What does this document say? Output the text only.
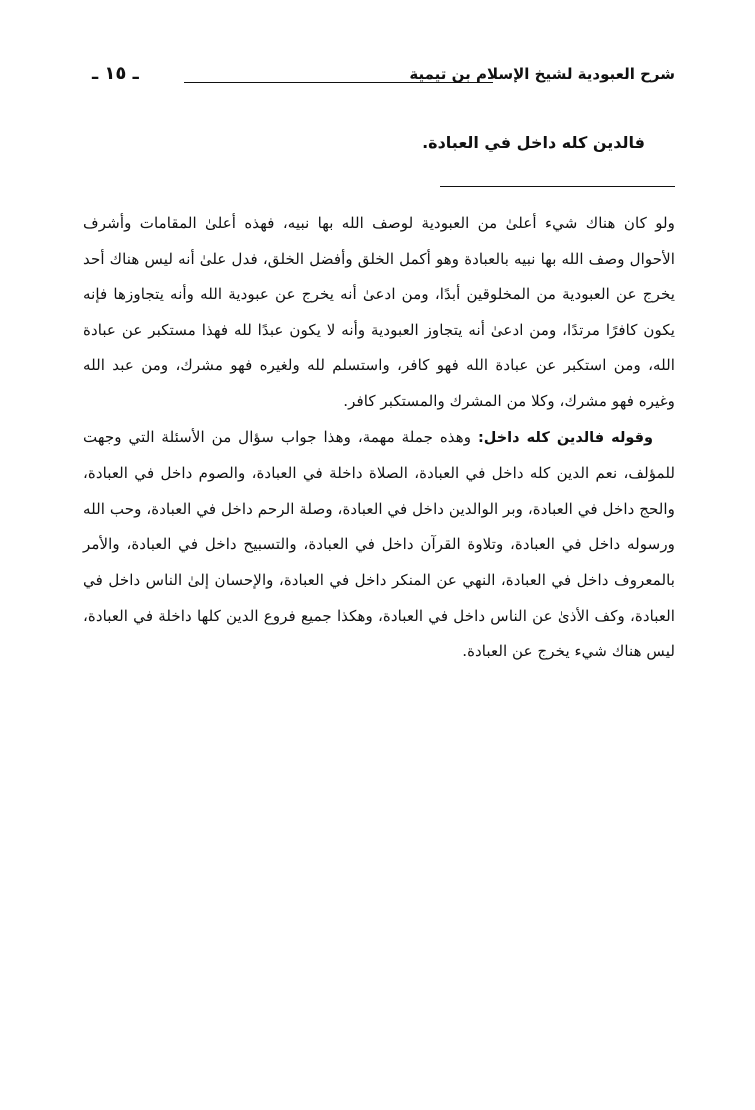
شرح العبودية لشيخ الإسلام بن تيمية
ـ ١٥ ـ
فالدين كله داخل في العبادة.

ولو كان هناك شيء أعلىٰ من العبودية لوصف الله بها نبيه، فهذه أعلىٰ المقامات وأشرف الأحوال وصف الله بها نبيه بالعبادة وهو أكمل الخلق وأفضل الخلق، فدل علىٰ أنه ليس هناك أحد يخرج عن العبودية من المخلوقين أبدًا، ومن ادعىٰ أنه يخرج عن عبودية الله وأنه يتجاوزها فإنه يكون كافرًا مرتدًا، ومن ادعىٰ أنه يتجاوز العبودية وأنه لا يكون عبدًا لله فهذا مستكبر عن عبادة الله، ومن استكبر عن عبادة الله فهو كافر، واستسلم لله ولغيره فهو مشرك، ومن عبد الله وغيره فهو مشرك، وكلا من المشرك والمستكبر كافر.

وقوله فالدين كله داخل: وهذه جملة مهمة، وهذا جواب سؤال من الأسئلة التي وجهت للمؤلف، نعم الدين كله داخل في العبادة، الصلاة داخلة في العبادة، والصوم داخل في العبادة، والحج داخل في العبادة، وبر الوالدين داخل في العبادة، وصلة الرحم داخل في العبادة، وحب الله ورسوله داخل في العبادة، وتلاوة القرآن داخل في العبادة، والتسبيح داخل في العبادة، والأمر بالمعروف داخل في العبادة، النهي عن المنكر داخل في العبادة، والإحسان إلىٰ الناس داخل في العبادة، وكف الأذىٰ عن الناس داخل في العبادة، وهكذا جميع فروع الدين كلها داخلة في العبادة، ليس هناك شيء يخرج عن العبادة.
